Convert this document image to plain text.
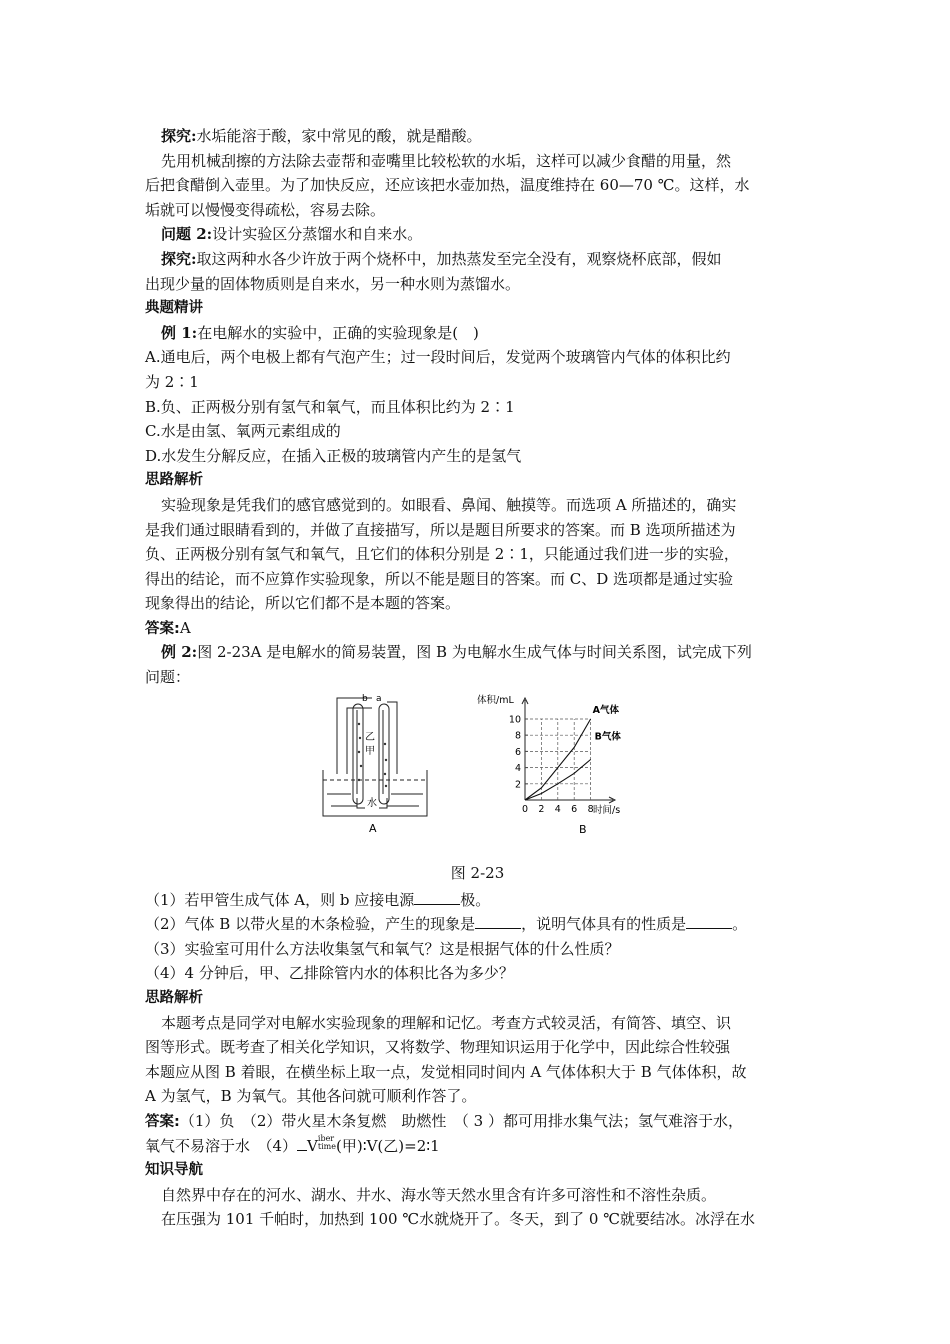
探究:水垢能溶于酸，家中常见的酸，就是醋酸。
先用机械刮擦的方法除去壶帮和壶嘴里比较松软的水垢，这样可以减少食醋的用量，然
后把食醋倒入壶里。为了加快反应，还应该把水壶加热，温度维持在 60—70 ℃。这样，水
垢就可以慢慢变得疏松，容易去除。
问题 2:设计实验区分蒸馏水和自来水。
探究:取这两种水各少许放于两个烧杯中，加热蒸发至完全没有，观察烧杯底部，假如
出现少量的固体物质则是自来水，另一种水则为蒸馏水。
典题精讲
例 1:在电解水的实验中，正确的实验现象是(　)
A.通电后，两个电极上都有气泡产生；过一段时间后，发觉两个玻璃管内气体的体积比约
为 2∶1
B.负、正两极分别有氢气和氧气，而且体积比约为 2∶1
C.水是由氢、氧两元素组成的
D.水发生分解反应，在插入正极的玻璃管内产生的是氢气
思路解析
实验现象是凭我们的感官感觉到的。如眼看、鼻闻、触摸等。而选项 A 所描述的，确实
是我们通过眼睛看到的，并做了直接描写，所以是题目所要求的答案。而 B 选项所描述为
负、正两极分别有氢气和氧气，且它们的体积分别是 2∶1，只能通过我们进一步的实验，
得出的结论，而不应算作实验现象，所以不能是题目的答案。而 C、D 选项都是通过实验
现象得出的结论，所以它们都不是本题的答案。
答案:A
例 2:图 2-23A 是电解水的简易装置，图 B 为电解水生成气体与时间关系图，试完成下列
问题：
b a
乙
甲
水
A
2
4
6
8
10
0 2 4 6 8
A气体
B气体
体积/mL
时间/s
B
图 2-23
（1）若甲管生成气体 A，则 b 应接电源	极。
（2）气体 B 以带火星的木条检验，产生的现象是	，说明气体具有的性质是	。
（3）实验室可用什么方法收集氢气和氧气？这是根据气体的什么性质？
（4）4 分钟后，甲、乙排除管内水的体积比各为多少？
思路解析
本题考点是同学对电解水实验现象的理解和记忆。考查方式较灵活，有简答、填空、识
图等形式。既考查了相关化学知识，又将数学、物理知识运用于化学中，因此综合性较强
本题应从图 B 着眼，在横坐标上取一点，发觉相同时间内 A 气体体积大于 B 气体体积，故
A 为氢气，B 为氧气。其他各问就可顺利作答了。
答案:（1）负　（2）带火星木条复燃　助燃性　（ 3 ）都可用排水集气法；氢气难溶于水，
氧气不易溶于水　（4） V iber
time (甲)∶V(乙)=2∶1
知识导航
自然界中存在的河水、湖水、井水、海水等天然水里含有许多可溶性和不溶性杂质。
在压强为 101 千帕时，加热到 100 ℃水就烧开了。冬天，到了 0 ℃就要结冰。冰浮在水
